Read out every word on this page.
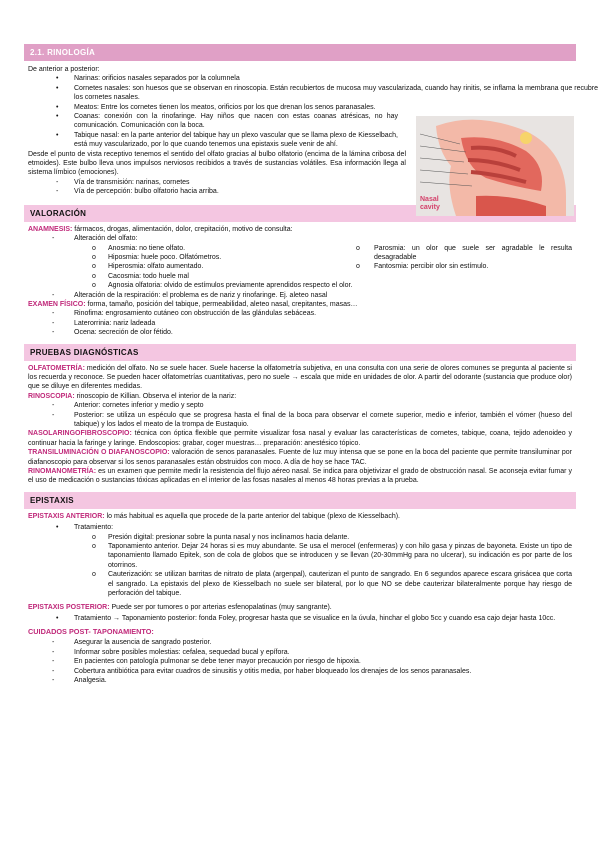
2.1. RINOLOGÍA
De anterior a posterior:
•	Narinas: orificios nasales separados por la columnela
•	Cornetes nasales: son huesos que se observan en rinoscopia. Están recubiertos de mucosa muy vascularizada, cuando hay rinitis, se inflama la membrana que recubre los cornetes nasales.
•	Meatos: Entre los cornetes tienen los meatos, orificios por los que drenan los senos paranasales.
•	Coanas: conexión con la rinofaringe. Hay niños que nacen con estas coanas atrésicas, no hay comunicación. Comunicación con la boca.
•	Tabique nasal: en la parte anterior del tabique hay un plexo vascular que se llama plexo de Kiesselbach, está muy vascularizado, por lo que cuando tenemos una epistaxis suele venir de ahí.
Desde el punto de vista receptivo tenemos el sentido del olfato gracias al bulbo olfatorio (encima de la lámina cribosa del etmoides). Este bulbo lleva unos impulsos nerviosos recibidos a través de sustancias volátiles. Esa información llega al sistema límbico (emociones).
-	Vía de transmisión: narinas, cornetes
-	Vía de percepción: bulbo olfatorio hacia arriba.
Nasal cavity
VALORACIÓN
ANAMNESIS: fármacos, drogas, alimentación, dolor, crepitación, motivo de consulta:
-	Alteración del olfato:
o	Anosmia: no tiene olfato.
o	Hiposmia: huele poco. Olfatómetros.
o	Hiperosmia: olfato aumentado.
o	Cacosmia: todo huele mal
o	Parosmia: un olor que suele ser agradable le resulta desagradable
o	Fantosmia: percibir olor sin estímulo.
o	Agnosia olfatoria: olvido de estímulos previamente aprendidos respecto el olor.
-	Alteración de la respiración: el problema es de nariz y rinofaringe. Ej. aleteo nasal
EXAMEN FÍSICO: forma, tamaño, posición del tabique, permeabilidad, aleteo nasal, crepitantes, masas…
-	Rinofima: engrosamiento cutáneo con obstrucción de las glándulas sebáceas.
-	Laterorrinia: nariz ladeada
-	Ocena: secreción de olor fétido.
PRUEBAS DIAGNÓSTICAS
OLFATOMETRÍA: medición del olfato. No se suele hacer. Suele hacerse la olfatometría subjetiva, en una consulta con una serie de olores comunes se pregunta al paciente si los recuerda y reconoce. Se pueden hacer olfatometrías cuantitativas, pero no suele → escala que mide en unidades de olor. A partir del odorante (sustancia que produce olor) que se diluye en diferentes medidas.
RINOSCOPIA: rinoscopio de Killian. Observa el interior de la nariz:
-	Anterior: cornetes inferior y medio y septo
-	Posterior: se utiliza un espéculo que se progresa hasta el final de la boca para observar el cornete superior, medio e inferior, también el vómer (hueso del tabique) y los lados el meato de la trompa de Eustaquio.
NASOLARINGOFIBROSCOPIO: técnica con óptica flexible que permite visualizar fosa nasal y evaluar las características de cornetes, tabique, coana, tejido adenoideo y continuar hacia la faringe y laringe. Endoscopios: grabar, coger muestras… preparación: anestésico tópico.
TRANSILUMINACIÓN O DIAFANOSCOPIO: valoración de senos paranasales. Fuente de luz muy intensa que se pone en la boca del paciente que permite transiluminar por diafanoscopio para observar si los senos paranasales están obstruidos con moco. A día de hoy se hace TAC.
RINOMANOMETRÍA: es un examen que permite medir la resistencia del flujo aéreo nasal. Se indica para objetivizar el grado de obstrucción nasal. Se aconseja evitar fumar y el uso de medicación o sustancias tóxicas aplicadas en el interior de las fosas nasales al menos 48 horas previas a la prueba.
EPISTAXIS
EPISTAXIS ANTERIOR: lo más habitual es aquella que procede de la parte anterior del tabique (plexo de Kiesselbach).
•	Tratamiento:
o	Presión digital: presionar sobre la punta nasal y nos inclinamos hacia delante.
o	Taponamiento anterior. Dejar 24 horas si es muy abundante. Se usa el merocel (enfermeras) y con hilo gasa y pinzas de bayoneta. Existe un tipo de taponamiento llamado Epitek, son de cola de globos que se introducen y se llevan (20-30mmHg para no ulcerar), su indicación es por parte de los otorrinos.
o	Cauterización: se utilizan barritas de nitrato de plata (argenpal), cauterizan el punto de sangrado. En 6 segundos aparece escara grisácea que corta el sangrado. La epistaxis del plexo de Kiesselbach no suele ser bilateral, por lo que NO se debe cauterizar bilateralmente porque hay riesgo de perforación del tabique.
EPISTAXIS POSTERIOR: Puede ser por tumores o por arterias esfenopalatinas (muy sangrante).
•	Tratamiento → Taponamiento posterior: fonda Foley, progresar hasta que se visualice en la úvula, hinchar el globo 5cc y cuando esa cajo dejar hasta 10cc.
CUIDADOS POST- TAPONAMIENTO:
-	Asegurar la ausencia de sangrado posterior.
-	Informar sobre posibles molestias: cefalea, sequedad bucal y epífora.
-	En pacientes con patología pulmonar se debe tener mayor precaución por riesgo de hipoxia.
-	Cobertura antibiótica para evitar cuadros de sinusitis y otitis media, por haber bloqueado los drenajes de los senos paranasales.
-	Analgesia.
